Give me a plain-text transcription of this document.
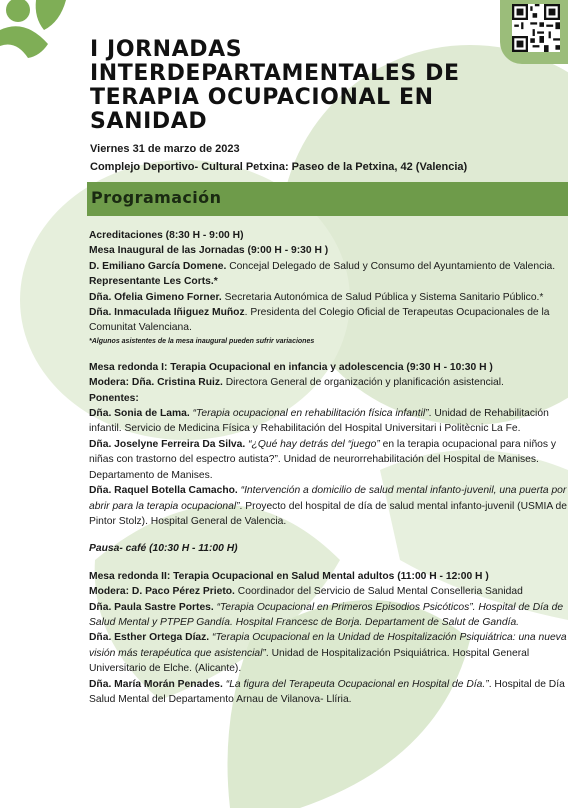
I JORNADAS
INTERDEPARTAMENTALES DE
TERAPIA OCUPACIONAL EN
SANIDAD
Viernes 31 de marzo de 2023
Complejo Deportivo- Cultural Petxina: Paseo de la Petxina, 42 (Valencia)
Programación

Acreditaciones (8:30 H - 9:00 H)

Mesa Inaugural de las Jornadas (9:00 H - 9:30 H )

D. Emiliano García Domene. Concejal Delegado de Salud y Consumo del Ayuntamiento de Valencia.

Representante Les Corts.*

Dña. Ofelia Gimeno Forner. Secretaria Autonómica de Salud Pública y Sistema Sanitario Público.*

Dña. Inmaculada Iñiguez Muñoz. Presidenta del Colegio Oficial de Terapeutas Ocupacionales de la Comunitat Valenciana.

*Algunos asistentes de la mesa inaugural pueden sufrir variaciones

Mesa redonda I: Terapia Ocupacional en infancia y adolescencia (9:30 H - 10:30 H )

Modera: Dña. Cristina Ruiz. Directora General de organización y planificación asistencial.

Ponentes:

Dña. Sonia de Lama. “Terapia ocupacional en rehabilitación física infantil”. Unidad de Rehabilitación infantil. Servicio de Medicina Física y Rehabilitación del Hospital Universitari i Politècnic La Fe.

Dña. Joselyne Ferreira Da Silva. “¿Qué hay detrás del “juego” en la terapia ocupacional para niños y niñas con trastorno del espectro autista?”. Unidad de neurorrehabilitación del Hospital de Manises. Departamento de Manises.

Dña. Raquel Botella Camacho. “Intervención a domicilio de salud mental infanto-juvenil, una puerta por abrir para la terapia ocupacional”. Proyecto del hospital de día de salud mental infanto-juvenil (USMIA de Pintor Stolz). Hospital General de Valencia.

Pausa- café (10:30 H - 11:00 H)

Mesa redonda II: Terapia Ocupacional en Salud Mental adultos (11:00 H - 12:00 H )

Modera: D. Paco Pérez Prieto. Coordinador del Servicio de Salud Mental Conselleria Sanidad

Dña. Paula Sastre Portes. “Terapia Ocupacional en Primeros Episodios Psicóticos”. Hospital de Día de Salud Mental y PTPEP Gandía. Hospital Francesc de Borja. Departament de Salut de Gandía.

Dña. Esther Ortega Díaz. “Terapia Ocupacional en la Unidad de Hospitalización Psiquiátrica: una nueva visión más terapéutica que asistencial”. Unidad de Hospitalización Psiquiátrica. Hospital General Universitario de Elche. (Alicante).

Dña. María Morán Penades. “La figura del Terapeuta Ocupacional en Hospital de Día.”. Hospital de Día Salud Mental del Departamento Arnau de Vilanova- Llíria.
